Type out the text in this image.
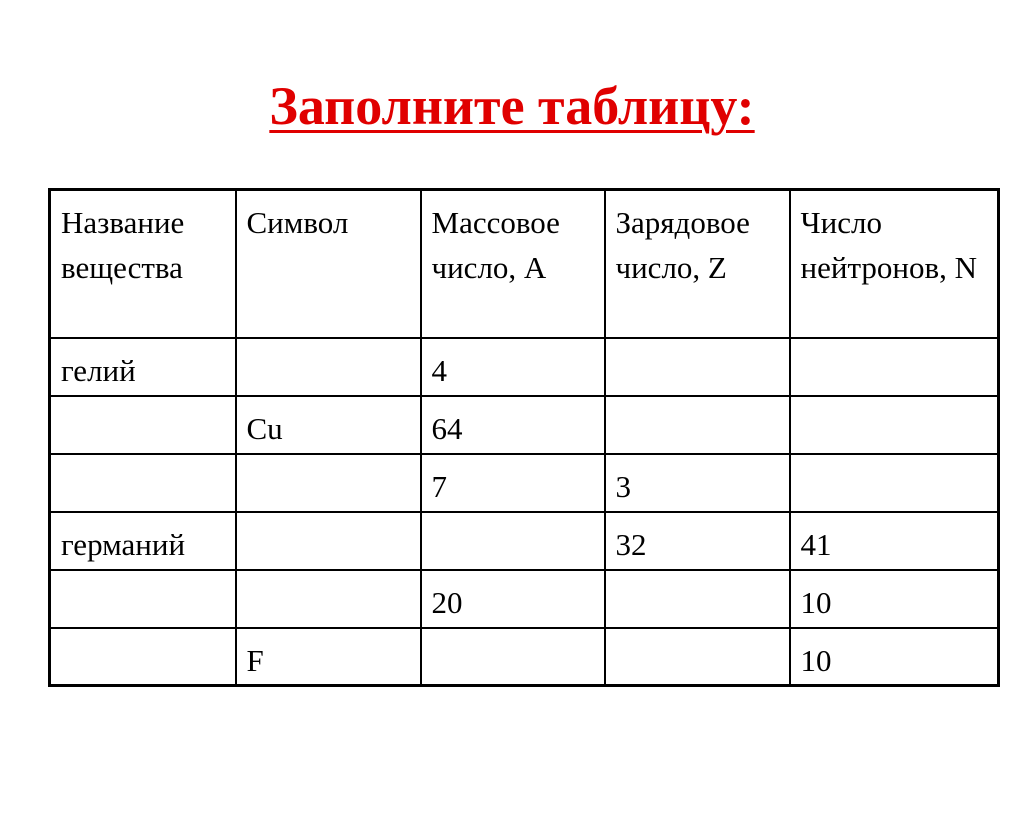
Заполните таблицу:
Название вещества	Символ	Массовое число, А	Зарядовое число, Z	Число нейтронов, N
гелий		4		
	Cu	64		
		7	3	
германий			32	41
		20		10
	F			10
